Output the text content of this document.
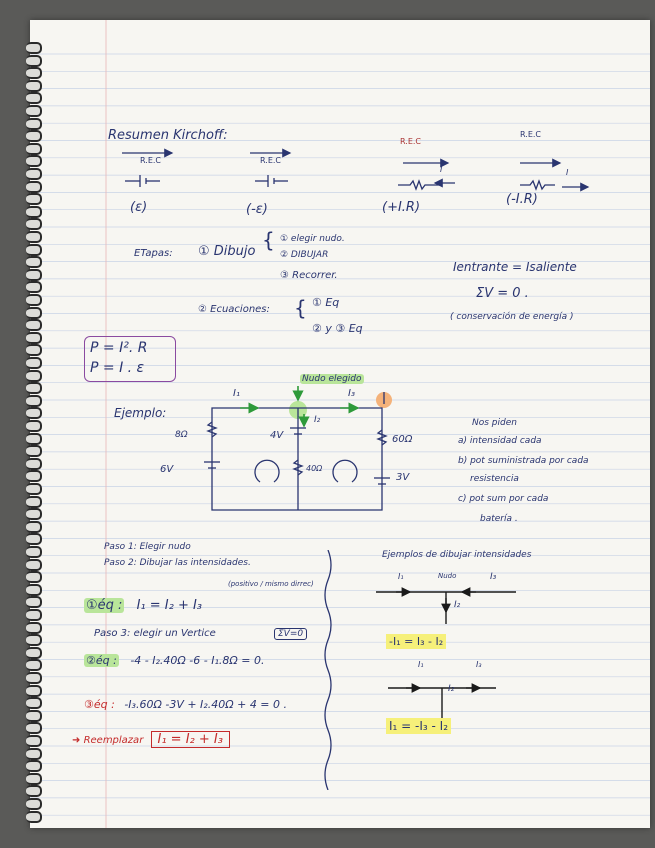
Resumen Kirchoff:
R.E.C	R.E.C
R.E.C
R.E.C
I	I
(ε)	(-ε)	(+I.R)
(-I.R)
ETapas: ① Dibujo { ① elegir nudo.
② DIBUJAR
③ Recorrer.
② Ecuaciones: { ① Eq
② y ③ Eq
Ientrante = Isaliente
ΣV = 0 .
( conservación de energía )
P = I². R
P = I . ε
Ejemplo:
Nudo elegido
I₁
I₂
I₃
8Ω
40Ω
60Ω
6V
4V
3V
Nos piden
a) intensidad cada
b) pot suministrada por cada
resistencia
c) pot sum por cada
batería .
Paso 1: Elegir nudo
Paso 2: Dibujar las intensidades.
(positivo / mismo dirrec)
①éq : I₁ = I₂ + I₃
Paso 3: elegir un Vertice	ΣV=0
②éq : -4 - I₂.40Ω -6 - I₁.8Ω = 0.
③éq : -I₃.60Ω -3V + I₂.40Ω + 4 = 0 .
➜ Reemplazar I₁ = I₂ + I₃
Ejemplos de dibujar intensidades
I₁	Nudo	I₃
I₂
-I₁ = I₃ - I₂
I₁	I₃
I₂
I₁ = -I₃ - I₂
